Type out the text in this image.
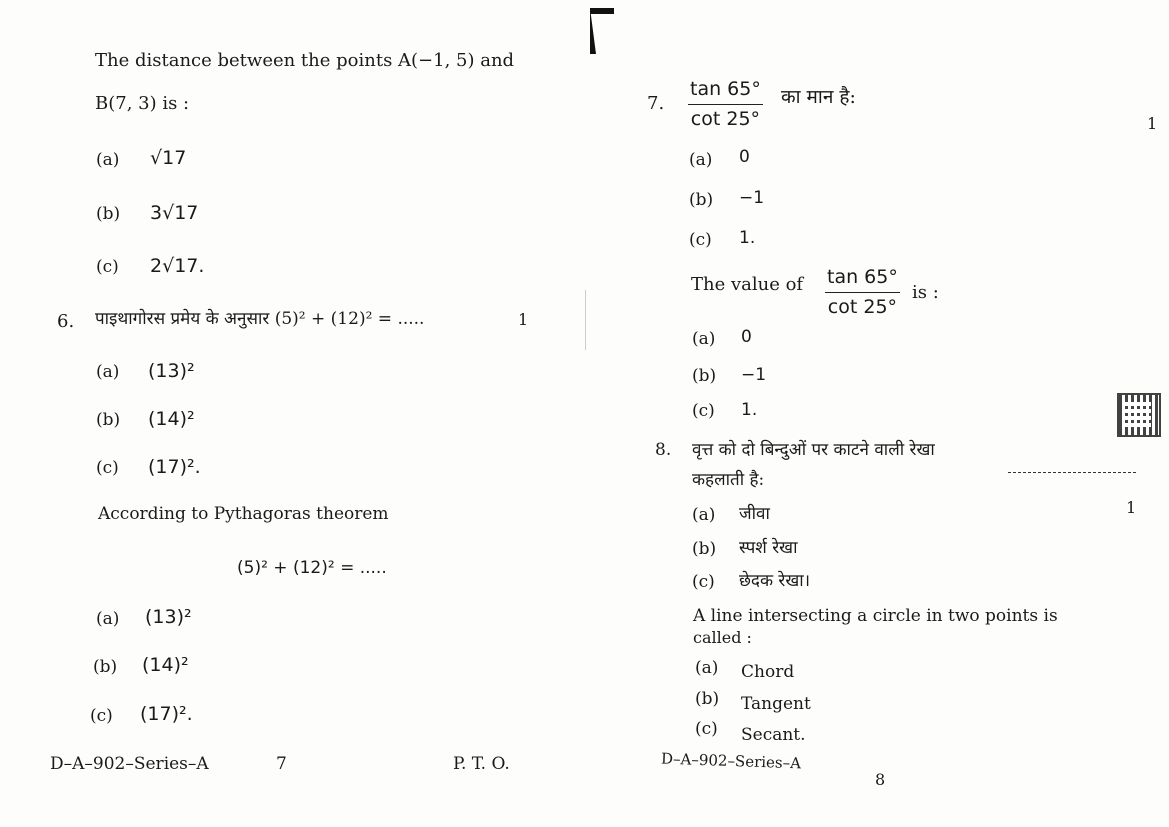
The distance between the points A(−1, 5) and
B(7, 3) is :
(a) √17
(b) 3√17
(c) 2√17.
6. पाइथागोरस प्रमेय के अनुसार (5)² + (12)² = .....	1
(a) (13)²
(b) (14)²
(c) (17)².
According to Pythagoras theorem
(5)² + (12)² = .....
(a) (13)²
(b) (14)²
(c) (17)².
D–A–902–Series–A	7	P. T. O.
7. $\frac{\tan 65^\circ}{\cot 25^\circ}$ का मान है:
1
(a) 0
(b) −1
(c) 1.
The value of $\frac{\tan 65^\circ}{\cot 25^\circ}$ is :
(a) 0
(b) −1
(c) 1.
8. वृत्त को दो बिन्दुओं पर काटने वाली रेखा
कहलाती है:
1
(a) जीवा
(b) स्पर्श रेखा
(c) छेदक रेखा।
A line intersecting a circle in two points is
called :
(a) Chord
(b) Tangent
(c) Secant.
D–A–902–Series–A
8
